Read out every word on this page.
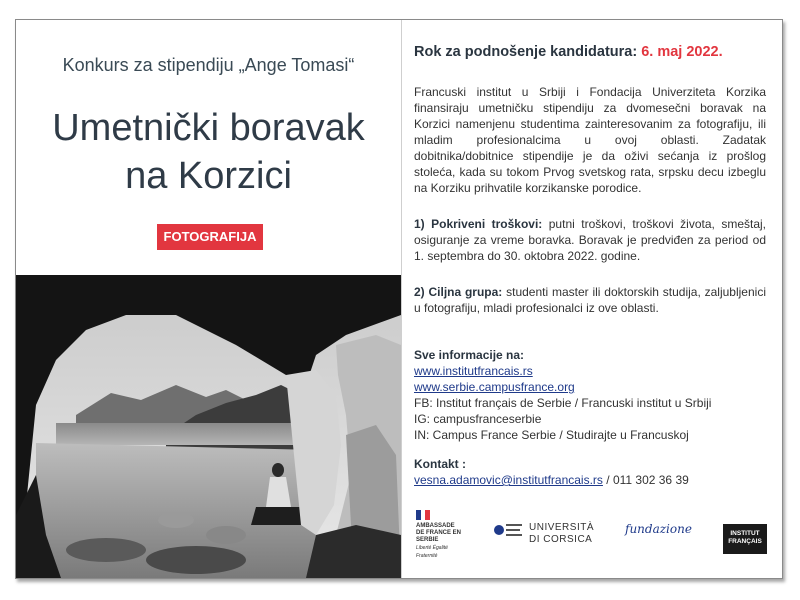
Konkurs za stipendiju „Ange Tomasi“
Umetnički boravak
na Korzici
FOTOGRAFIJA
Rok za podnošenje kandidatura: 6. maj 2022.
Francuski institut u Srbiji i Fondacija Univerziteta Korzika finansiraju umetničku stipendiju za dvomesečni boravak na Korzici namenjenu studentima zainteresovanim za fotografiju, ili mladim profesionalcima u ovoj oblasti. Zadatak dobitnika/dobitnice stipendije je da oživi sećanja iz prošlog stoleća, kada su tokom Prvog svetskog rata, srpsku decu izbeglu na Korziku prihvatile korzikanske porodice.
1) Pokriveni troškovi: putni troškovi, troškovi života, smeštaj, osiguranje za vreme boravka. Boravak je predviđen za period od 1. septembra do 30. oktobra 2022. godine.
2) Ciljna grupa: studenti master ili doktorskih studija, zaljubljenici u fotografiju, mladi profesionalci iz ove oblasti.
Sve informacije na:
www.institutfrancais.rs
www.serbie.campusfrance.org
FB: Institut français de Serbie / Francuski institut u Srbiji
IG: campusfranceserbie
IN: Campus France Serbie / Studirajte u Francuskoj
Kontakt :
vesna.adamovic@institutfrancais.rs / 011 302 36 39
AMBASSADE DE FRANCE EN SERBIE
Liberté Égalité Fraternité
UNIVERSITÀ
DI CORSICA
fundazione	INSTITUT
FRANÇAIS
